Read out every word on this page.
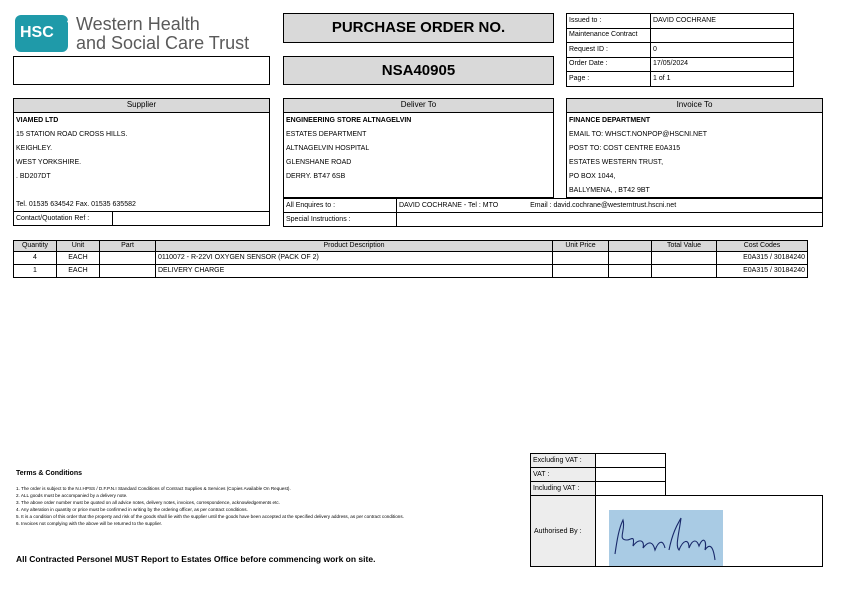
HSC Western Health
and Social Care Trust
PURCHASE ORDER NO.
NSA40905
Issued to :	DAVID COCHRANE
Maintenance Contract	
Request ID :	0
Order Date :	17/05/2024
Page :	1 of 1
Supplier
VIAMED LTD
15 STATION ROAD CROSS HILLS.
KEIGHLEY.
WEST YORKSHIRE.
. BD207DT
Tel. 01535 634542 Fax. 01535 635582
Contact/Quotation Ref :
Deliver To
ENGINEERING STORE ALTNAGELVIN
ESTATES DEPARTMENT
ALTNAGELVIN HOSPITAL
GLENSHANE ROAD
DERRY. BT47 6SB
Invoice To
FINANCE DEPARTMENT
EMAIL TO: WHSCT.NONPOP@HSCNI.NET
POST TO: COST CENTRE E0A315
ESTATES WESTERN TRUST,
PO BOX 1044,
BALLYMENA, , BT42 9BT
All Enquires to :	DAVID COCHRANE - Tel : MTO Email : david.cochrane@westerntrust.hscni.net
Special Instructions :	
Quantity	Unit	Part	Product Description	Unit Price		Total Value	Cost Codes
4	EACH		0110072 - R-22VI OXYGEN SENSOR (PACK OF 2)				E0A315 / 30184240
1	EACH		DELIVERY CHARGE				E0A315 / 30184240
Terms & Conditions
1. The order is subject to the N.I.HPSS / D.F.P.N.I Standard Conditions of Contract Supplies & Services (Copies Available On Request).
2. ALL goods must be accompanied by a delivery note.
3. The above order number must be quoted on all advice notes, delivery notes, invoices, correspondence, acknowledgements etc.
4. Any alteration in quantity or price must be confirmed in writing by the ordering officer, as per contract conditions.
5. It is a condition of this order that the property and risk of the goods shall lie with the supplier until the goods have been accepted at the specified delivery address, as per contract conditions.
6. Invoices not complying with the above will be returned to the supplier.
All Contracted Personel MUST Report to Estates Office before commencing work on site.
Excluding VAT :	
VAT :	
Including VAT :	
Authorised By :
